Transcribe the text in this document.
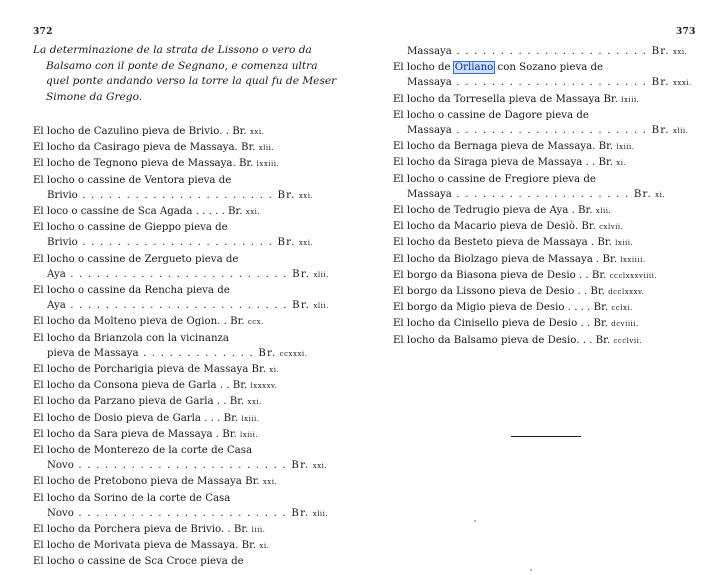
372
La determinazione de la strata de Lissono o vero da
Balsamo con il ponte de Segnano, e comenza ultra
quel ponte andando verso la torre la qual fu de Meser
Simone da Grego.
El locho de Cazulino pieva de Brivio. . Br. xxi.
El locho da Casirago pieva de Massaya. Br. xlii.
El locho de Tegnono pieva de Massaya. Br. lxxiii.
El locho o cassine de Ventora pieva de
Brivio . . . . . . . . . . . . . . . . . . . . . . Br. xxi.
El loco o cassine de Sca Agada . . . . . Br. xxi.
El locho o cassine de Gieppo pieva de
Brivio . . . . . . . . . . . . . . . . . . . . . . Br. xxi.
El locho o cassine de Zergueto pieva de
Aya . . . . . . . . . . . . . . . . . . . . . . . . . Br. xlii.
El locho o cassine da Rencha pieva de
Aya . . . . . . . . . . . . . . . . . . . . . . . . . Br. xlii.
El locho da Molteno pieva de Ogion. . Br. ccx.
El locho da Brianzola con la vicinanza
pieva de Massaya . . . . . . . . . . . . . Br. ccxxxi.
El locho de Porcharigia pieva de Massaya Br. xi.
El locho da Consona pieva de Garla . . Br. lxxxxv.
El locho da Parzano pieva de Garla . . Br. xxi.
El locho de Dosio pieva de Garla . . . Br. lxiii.
El locho da Sara pieva de Massaya . Br. lxiii.
El locho de Monterezo de la corte de Casa
Novo . . . . . . . . . . . . . . . . . . . . . . . . Br. xxi.
El locho de Pretobono pieva de Massaya Br. xxi.
El locho da Sorino de la corte de Casa
Novo . . . . . . . . . . . . . . . . . . . . . . . . Br. xlii.
El locho da Porchera pieva de Brivio. . Br. liii.
El locho de Morivata pieva de Massaya. Br. xi.
El locho o cassine de Sca Croce pieva de
373
Massaya . . . . . . . . . . . . . . . . . . . . . . Br. xxi.
El locho de Orliano con Sozano pieva de
Massaya . . . . . . . . . . . . . . . . . . . . . . Br. xxxi.
El locho da Torresella pieva de Massaya Br. lxiii.
El locho o cassine de Dagore pieva de
Massaya . . . . . . . . . . . . . . . . . . . . . . Br. xlii.
El locho da Bernaga pieva de Massaya. Br. lxiii.
El locho da Siraga pieva de Massaya . . Br. xi.
El locho o cassine de Fregiore pieva de
Massaya . . . . . . . . . . . . . . . . . . . . Br. xi.
El locho de Tedrugio pieva de Aya . Br. xlii.
El locho da Macario pieva de Desiò. Br. cxlvii.
El locho da Besteto pieva de Massaya . Br. lxiii.
El locho da Biolzago pieva de Massaya . Br. lxxiiii.
El borgo da Biasona pieva de Desio . . Br. ccclxxxviiii.
El borgo da Lissono pieva de Desio . . Br. dcclxxxv.
El borgo da Migio pieva de Desio . . . . Br. cclxi.
El locho da Cinisello pieva de Desio . . Br. dcviiii.
El locho da Balsamo pieva de Desio. . . Br. ccclvii.
